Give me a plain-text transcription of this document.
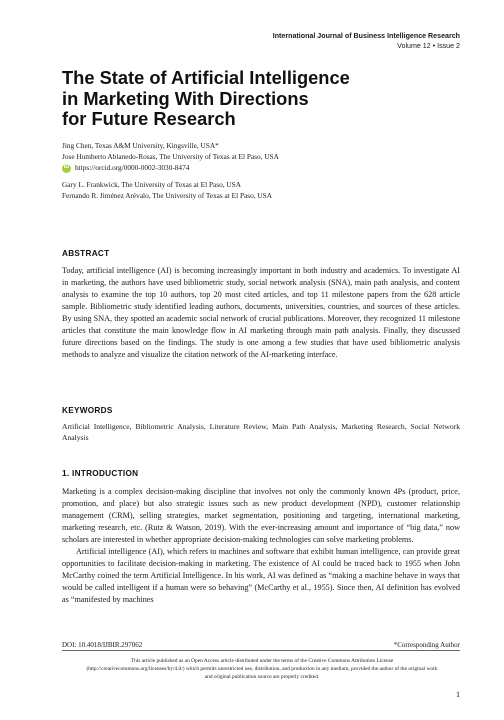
International Journal of Business Intelligence Research
Volume 12 • Issue 2
The State of Artificial Intelligence
in Marketing With Directions
for Future Research
Jing Chen, Texas A&M University, Kingsville, USA*
Jose Humberto Ablanedo-Rosas, The University of Texas at El Paso, USA
iD https://orcid.org/0000-0002-3030-8474
Gary L. Frankwick, The University of Texas at El Paso, USA
Fernando R. Jiménez Arévalo, The University of Texas at El Paso, USA
ABSTRACT

Today, artificial intelligence (AI) is becoming increasingly important in both industry and academics. To investigate AI in marketing, the authors have used bibliometric study, social network analysis (SNA), main path analysis, and content analysis to examine the top 10 authors, top 20 most cited articles, and top 11 milestone papers from the 628 article sample. Bibliometric study identified leading authors, documents, universities, countries, and sources of these articles. By using SNA, they spotted an academic social network of crucial publications. Moreover, they recognized 11 milestone articles that constitute the main knowledge flow in AI marketing through main path analysis. Finally, they discussed future directions based on the findings. The study is one among a few studies that have used bibliometric analysis methods to analyze and visualize the citation network of the AI-marketing interface.

KEYWORDS

Artificial Intelligence, Bibliometric Analysis, Literature Review, Main Path Analysis, Marketing Research, Social Network Analysis

1. INTRODUCTION

Marketing is a complex decision-making discipline that involves not only the commonly known 4Ps (product, price, promotion, and place) but also strategic issues such as new product development (NPD), customer relationship management (CRM), selling strategies, market segmentation, positioning and targeting, international marketing, marketing research, etc. (Rutz & Watson, 2019). With the ever-increasing amount and importance of “big data,” now scholars are interested in whether appropriate decision-making technologies can solve marketing problems.

Artificial intelligence (AI), which refers to machines and software that exhibit human intelligence, can provide great opportunities to facilitate decision-making in marketing. The existence of AI could be traced back to 1955 when John McCarthy coined the term Artificial Intelligence. In his work, AI was defined as “making a machine behave in ways that would be called intelligent if a human were so behaving” (McCarthy et al., 1955). Since then, AI definition has evolved as “manifested by machines

DOI: 10.4018/IJBIR.297062	*Corresponding Author
This article published as an Open Access article distributed under the terms of the Creative Commons Attribution License (http://creativecommons.org/licenses/by/4.0/) which permits unrestricted use, distribution, and production in any medium, provided the author of the original work and original publication source are properly credited.
1
